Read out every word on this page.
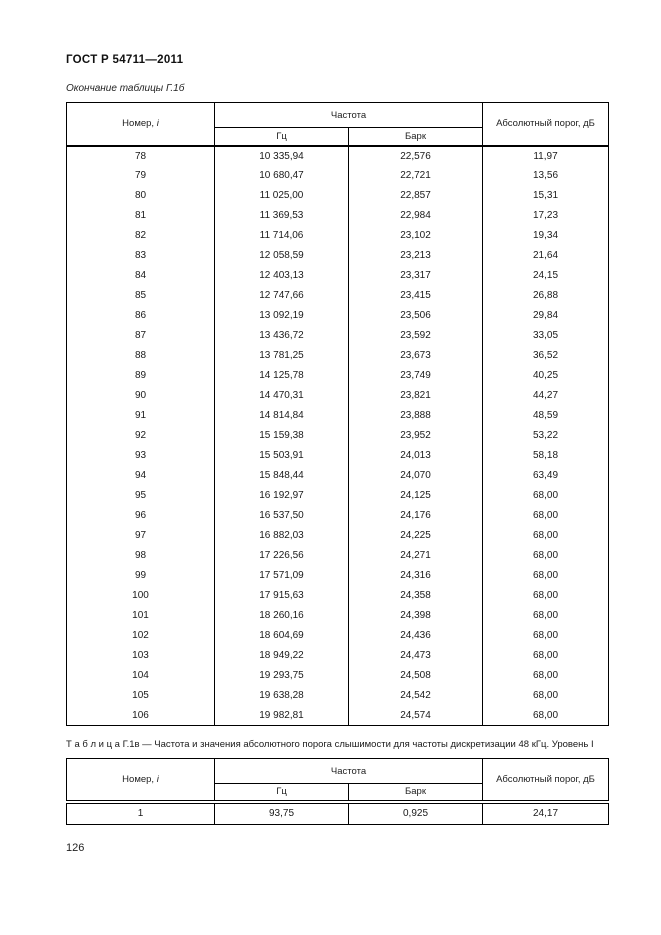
ГОСТ Р 54711—2011
Окончание таблицы Г.1б
Номер, i	Частота		Абсолютный порог, дБ
	Гц	Барк	
78	10 335,94	22,576	11,97
79	10 680,47	22,721	13,56
80	11 025,00	22,857	15,31
81	11 369,53	22,984	17,23
82	11 714,06	23,102	19,34
83	12 058,59	23,213	21,64
84	12 403,13	23,317	24,15
85	12 747,66	23,415	26,88
86	13 092,19	23,506	29,84
87	13 436,72	23,592	33,05
88	13 781,25	23,673	36,52
89	14 125,78	23,749	40,25
90	14 470,31	23,821	44,27
91	14 814,84	23,888	48,59
92	15 159,38	23,952	53,22
93	15 503,91	24,013	58,18
94	15 848,44	24,070	63,49
95	16 192,97	24,125	68,00
96	16 537,50	24,176	68,00
97	16 882,03	24,225	68,00
98	17 226,56	24,271	68,00
99	17 571,09	24,316	68,00
100	17 915,63	24,358	68,00
101	18 260,16	24,398	68,00
102	18 604,69	24,436	68,00
103	18 949,22	24,473	68,00
104	19 293,75	24,508	68,00
105	19 638,28	24,542	68,00
106	19 982,81	24,574	68,00
Т а б л и ц а Г.1в — Частота и значения абсолютного порога слышимости для частоты дискретизации 48 кГц. Уровень I
Номер, i	Частота		Абсолютный порог, дБ
	Гц	Барк	
1	93,75	0,925	24,17
126
